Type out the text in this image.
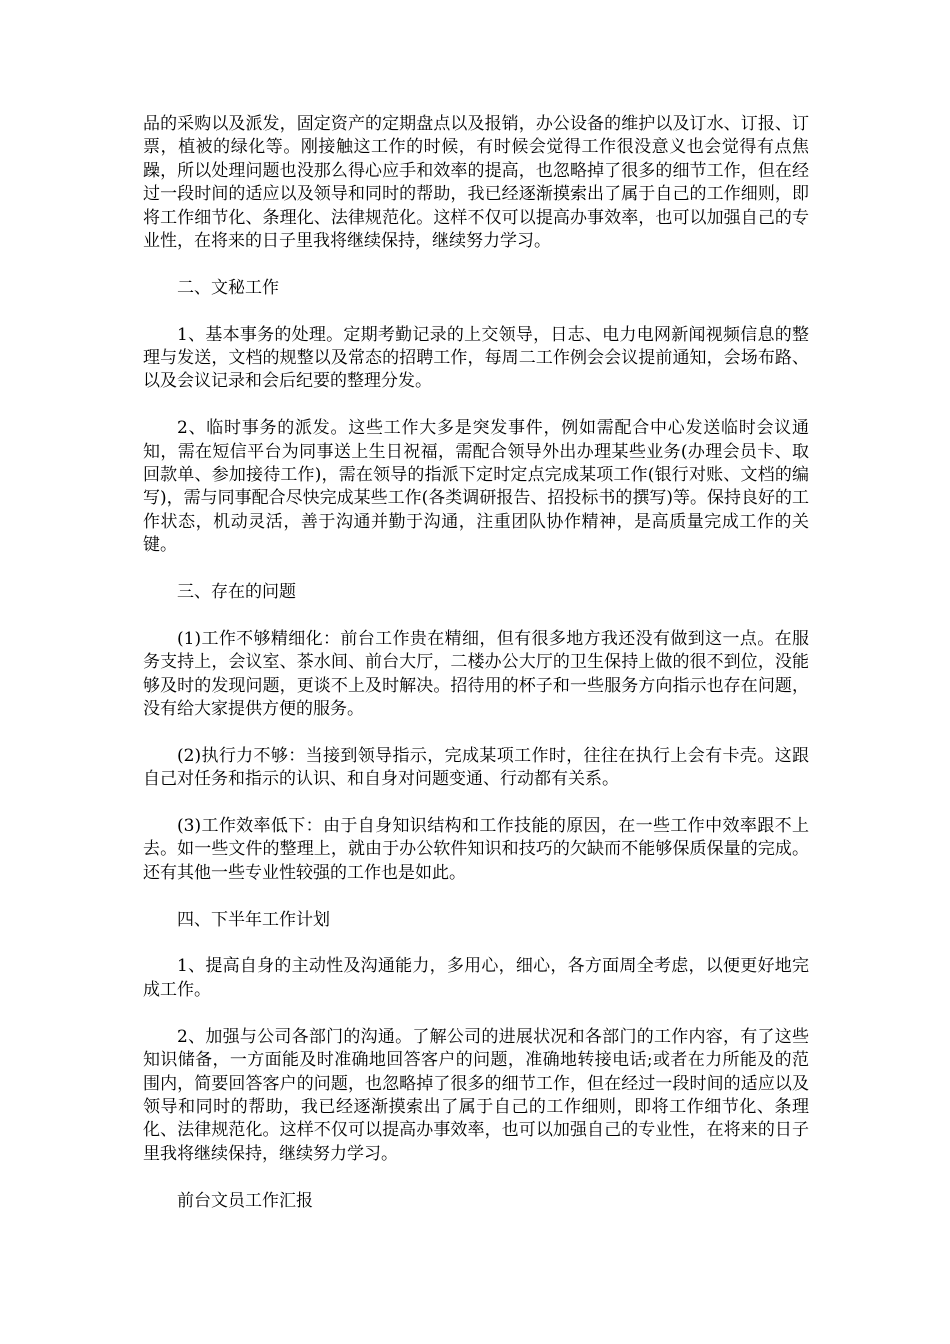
品的采购以及派发，固定资产的定期盘点以及报销，办公设备的维护以及订水、订报、订票，植被的绿化等。刚接触这工作的时候，有时候会觉得工作很没意义也会觉得有点焦躁，所以处理问题也没那么得心应手和效率的提高，也忽略掉了很多的细节工作，但在经过一段时间的适应以及领导和同时的帮助，我已经逐渐摸索出了属于自己的工作细则，即将工作细节化、条理化、法律规范化。这样不仅可以提高办事效率，也可以加强自己的专业性，在将来的日子里我将继续保持，继续努力学习。

二、文秘工作

1、基本事务的处理。定期考勤记录的上交领导，日志、电力电网新闻视频信息的整理与发送，文档的规整以及常态的招聘工作，每周二工作例会会议提前通知，会场布路、以及会议记录和会后纪要的整理分发。

2、临时事务的派发。这些工作大多是突发事件，例如需配合中心发送临时会议通知，需在短信平台为同事送上生日祝福，需配合领导外出办理某些业务(办理会员卡、取回款单、参加接待工作)，需在领导的指派下定时定点完成某项工作(银行对账、文档的编写)，需与同事配合尽快完成某些工作(各类调研报告、招投标书的撰写)等。保持良好的工作状态，机动灵活，善于沟通并勤于沟通，注重团队协作精神，是高质量完成工作的关键。

三、存在的问题

(1)工作不够精细化：前台工作贵在精细，但有很多地方我还没有做到这一点。在服务支持上，会议室、茶水间、前台大厅，二楼办公大厅的卫生保持上做的很不到位，没能够及时的发现问题，更谈不上及时解决。招待用的杯子和一些服务方向指示也存在问题，没有给大家提供方便的服务。

(2)执行力不够：当接到领导指示，完成某项工作时，往往在执行上会有卡壳。这跟自己对任务和指示的认识、和自身对问题变通、行动都有关系。

(3)工作效率低下：由于自身知识结构和工作技能的原因，在一些工作中效率跟不上去。如一些文件的整理上，就由于办公软件知识和技巧的欠缺而不能够保质保量的完成。还有其他一些专业性较强的工作也是如此。

四、下半年工作计划

1、提高自身的主动性及沟通能力，多用心，细心，各方面周全考虑，以便更好地完成工作。

2、加强与公司各部门的沟通。了解公司的进展状况和各部门的工作内容，有了这些知识储备，一方面能及时准确地回答客户的问题，准确地转接电话;或者在力所能及的范围内，简要回答客户的问题，也忽略掉了很多的细节工作，但在经过一段时间的适应以及领导和同时的帮助，我已经逐渐摸索出了属于自己的工作细则，即将工作细节化、条理化、法律规范化。这样不仅可以提高办事效率，也可以加强自己的专业性，在将来的日子里我将继续保持，继续努力学习。

前台文员工作汇报
